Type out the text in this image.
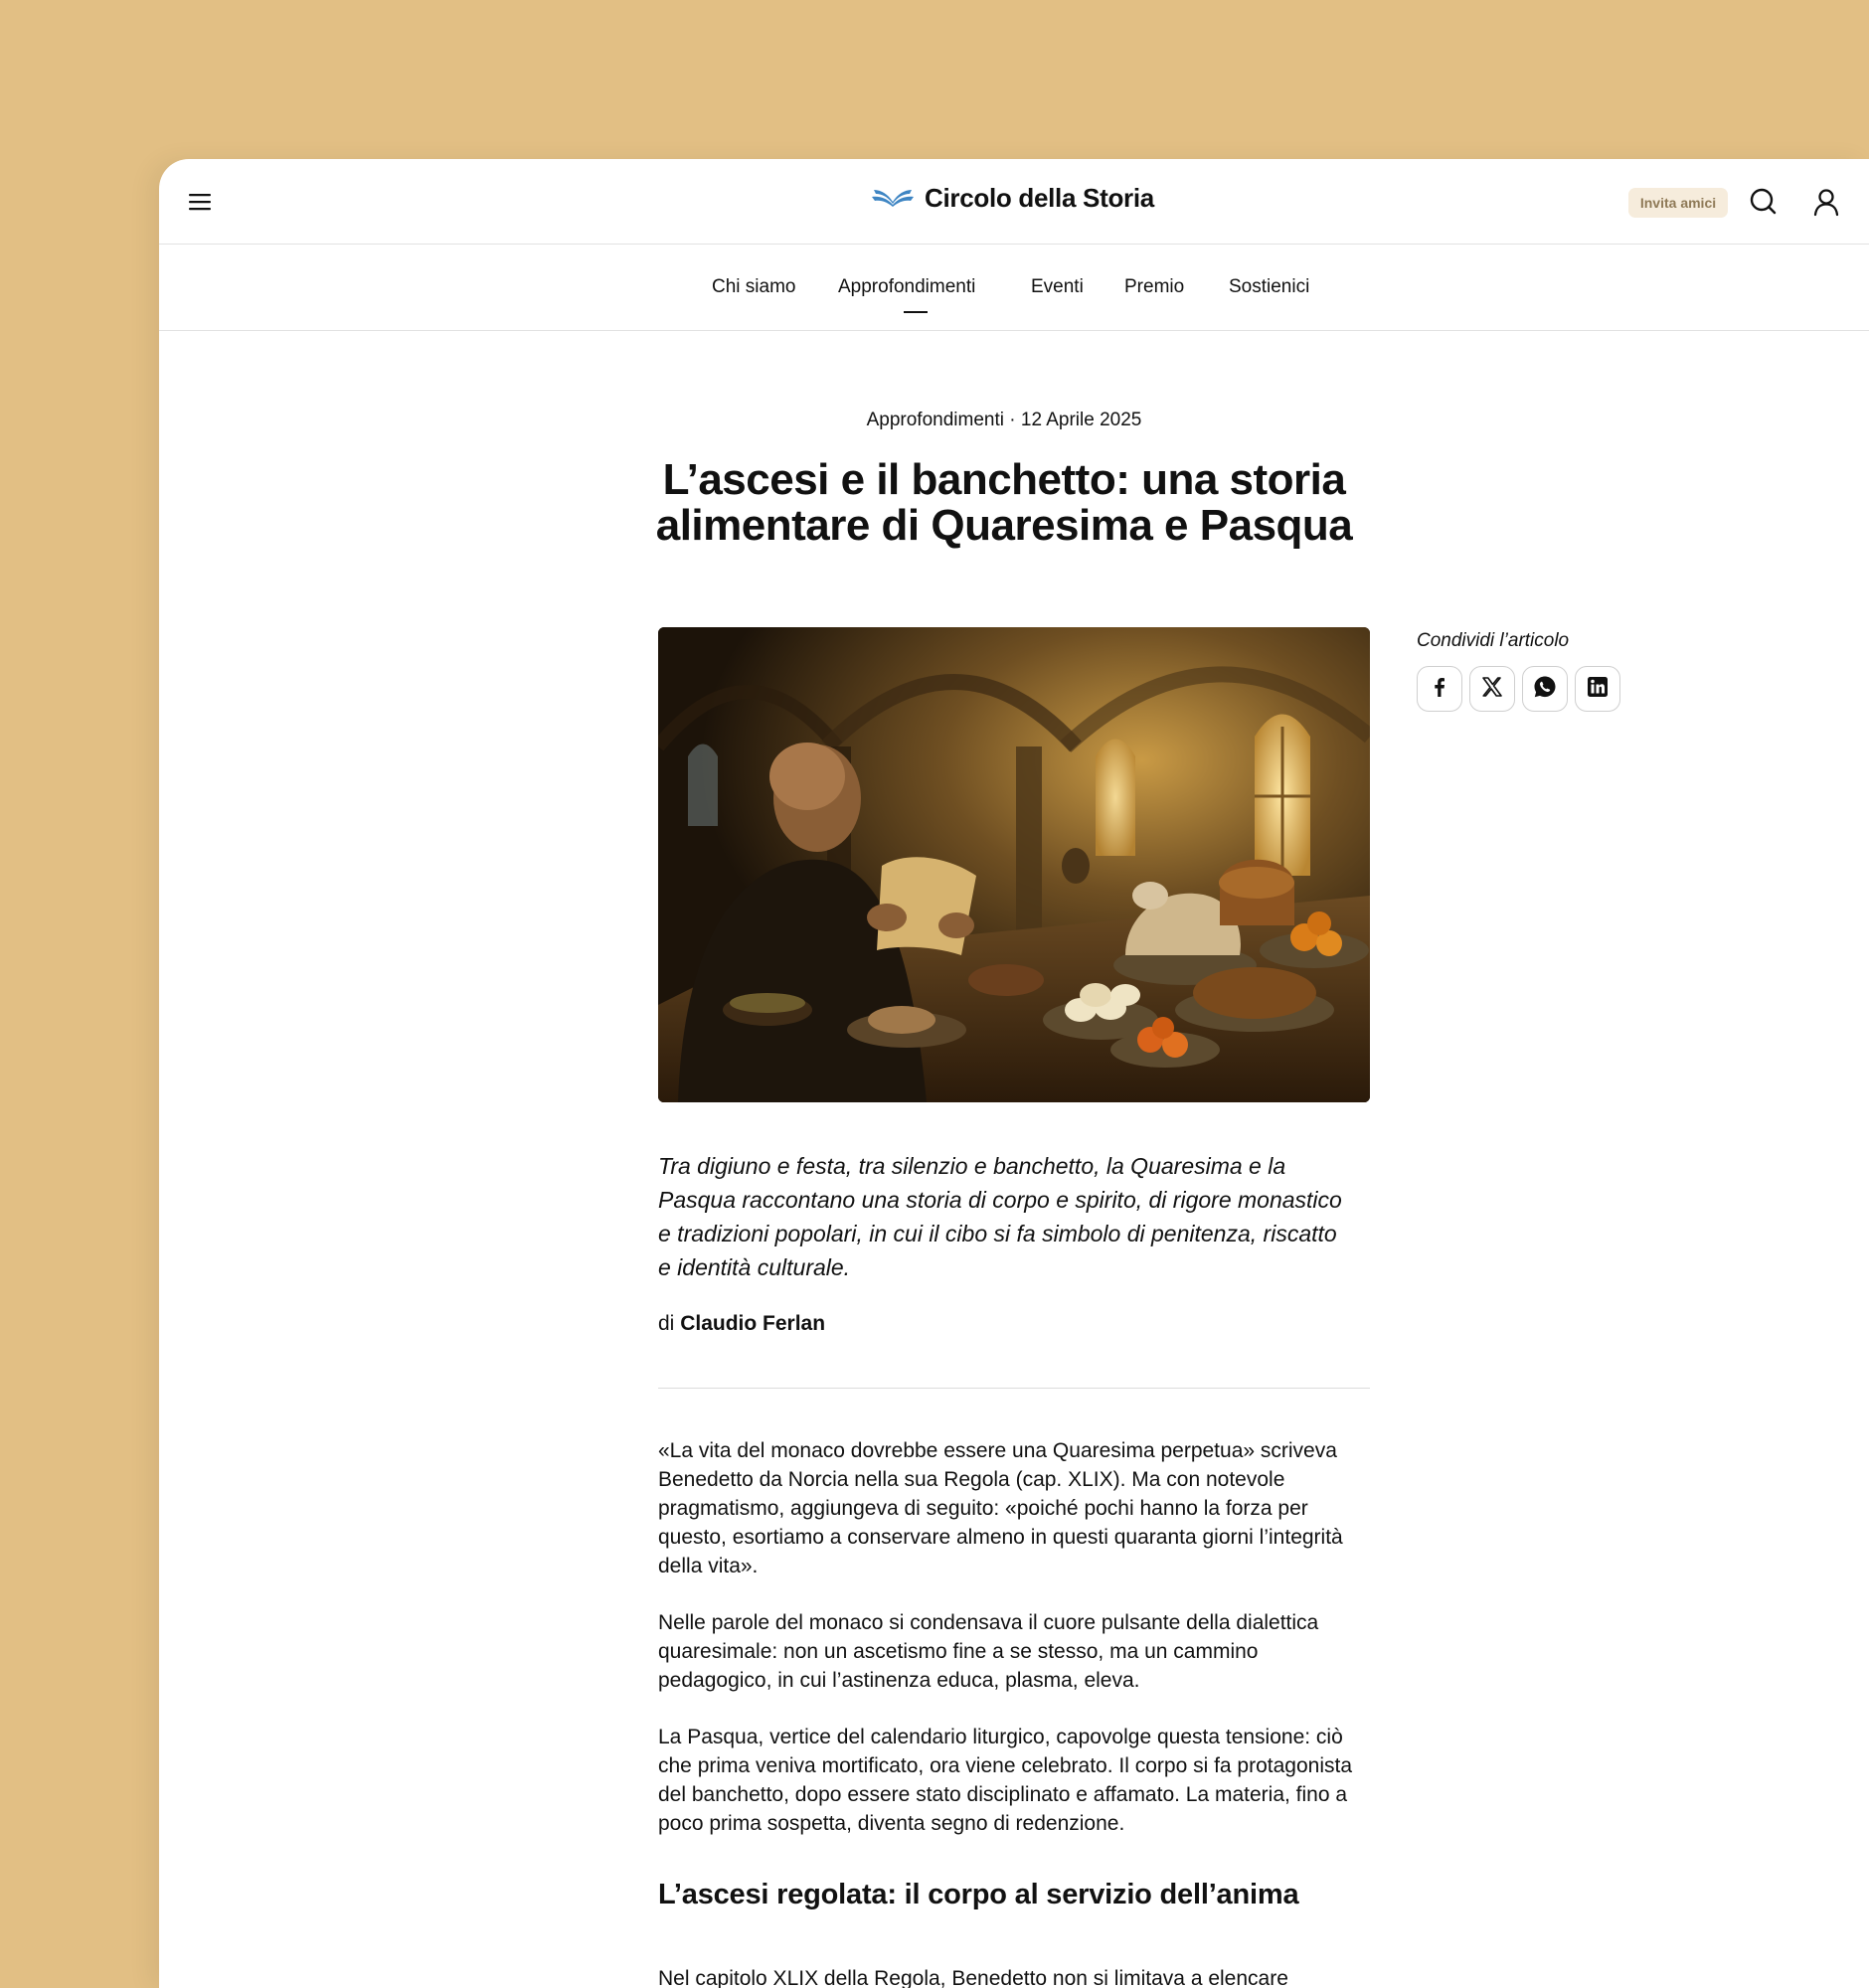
Circolo della Storia	Invita amici
Chi siamo Approfondimenti	Eventi Premio Sostienici
Approfondimenti · 12 Aprile 2025
L’ascesi e il banchetto: una storia alimentare di Quaresima e Pasqua
Condividi l’articolo

Tra digiuno e festa, tra silenzio e banchetto, la Quaresima e la Pasqua raccontano una storia di corpo e spirito, di rigore monastico e tradizioni popolari, in cui il cibo si fa simbolo di penitenza, riscatto e identità culturale.

di Claudio Ferlan

«La vita del monaco dovrebbe essere una Quaresima perpetua» scriveva Benedetto da Norcia nella sua Regola (cap. XLIX). Ma con notevole pragmatismo, aggiungeva di seguito: «poiché pochi hanno la forza per questo, esortiamo a conservare almeno in questi quaranta giorni l’integrità della vita».

Nelle parole del monaco si condensava il cuore pulsante della dialettica quaresimale: non un ascetismo fine a se stesso, ma un cammino pedagogico, in cui l’astinenza educa, plasma, eleva.

La Pasqua, vertice del calendario liturgico, capovolge questa tensione: ciò che prima veniva mortificato, ora viene celebrato. Il corpo si fa protagonista del banchetto, dopo essere stato disciplinato e affamato. La materia, fino a poco prima sospetta, diventa segno di redenzione.

L’ascesi regolata: il corpo al servizio dell’anima

Nel capitolo XLIX della Regola, Benedetto non si limitava a elencare
